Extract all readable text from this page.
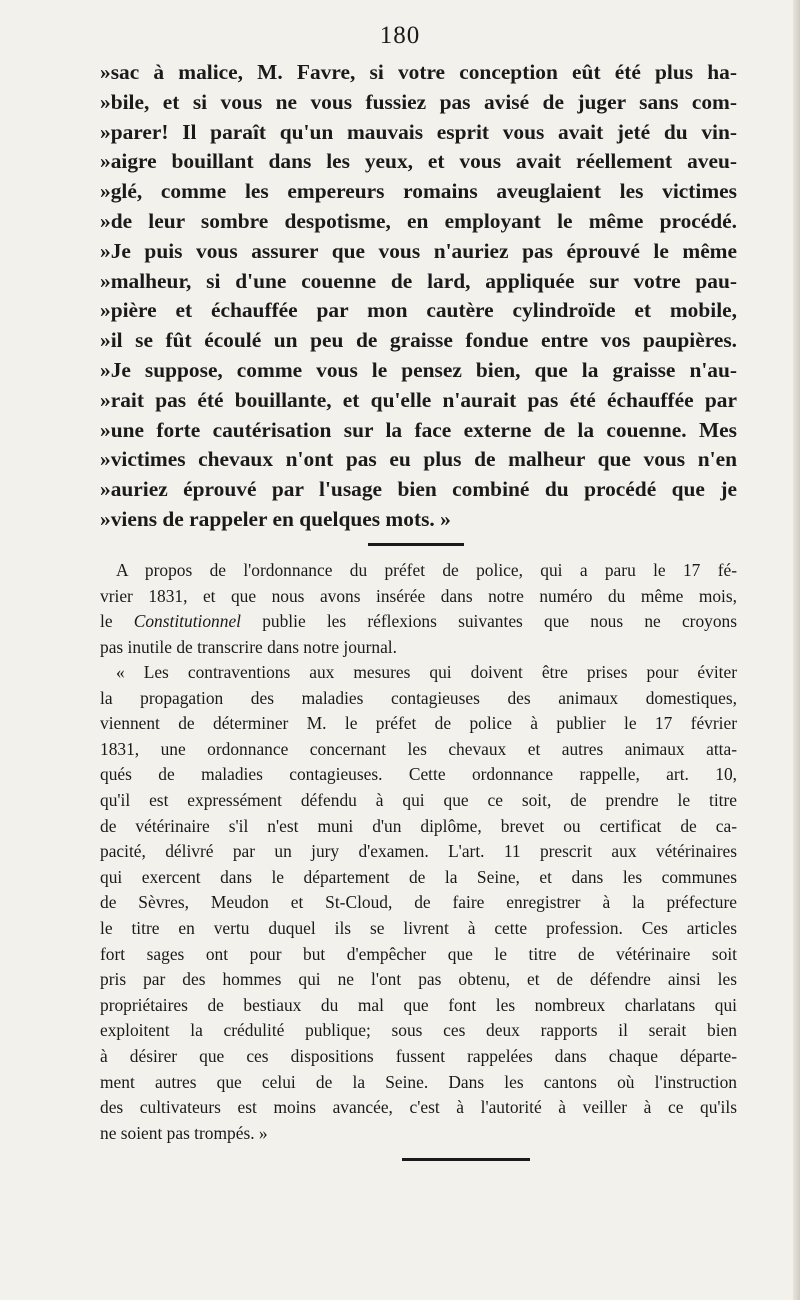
180
»sac à malice, M. Favre, si votre conception eût été plus ha-
»bile, et si vous ne vous fussiez pas avisé de juger sans com-
»parer! Il paraît qu'un mauvais esprit vous avait jeté du vin-
»aigre bouillant dans les yeux, et vous avait réellement aveu-
»glé, comme les empereurs romains aveuglaient les victimes
»de leur sombre despotisme, en employant le même procédé.
»Je puis vous assurer que vous n'auriez pas éprouvé le même
»malheur, si d'une couenne de lard, appliquée sur votre pau-
»pière et échauffée par mon cautère cylindroïde et mobile,
»il se fût écoulé un peu de graisse fondue entre vos paupières.
»Je suppose, comme vous le pensez bien, que la graisse n'au-
»rait pas été bouillante, et qu'elle n'aurait pas été échauffée par
»une forte cautérisation sur la face externe de la couenne. Mes
»victimes chevaux n'ont pas eu plus de malheur que vous n'en
»auriez éprouvé par l'usage bien combiné du procédé que je
»viens de rappeler en quelques mots. »
A propos de l'ordonnance du préfet de police, qui a paru le 17 fé-
vrier 1831, et que nous avons insérée dans notre numéro du même mois,
le Constitutionnel publie les réflexions suivantes que nous ne croyons
pas inutile de transcrire dans notre journal.
« Les contraventions aux mesures qui doivent être prises pour éviter
la propagation des maladies contagieuses des animaux domestiques,
viennent de déterminer M. le préfet de police à publier le 17 février
1831, une ordonnance concernant les chevaux et autres animaux atta-
qués de maladies contagieuses. Cette ordonnance rappelle, art. 10,
qu'il est expressément défendu à qui que ce soit, de prendre le titre
de vétérinaire s'il n'est muni d'un diplôme, brevet ou certificat de ca-
pacité, délivré par un jury d'examen. L'art. 11 prescrit aux vétérinaires
qui exercent dans le département de la Seine, et dans les communes
de Sèvres, Meudon et St-Cloud, de faire enregistrer à la préfecture
le titre en vertu duquel ils se livrent à cette profession. Ces articles
fort sages ont pour but d'empêcher que le titre de vétérinaire soit
pris par des hommes qui ne l'ont pas obtenu, et de défendre ainsi les
propriétaires de bestiaux du mal que font les nombreux charlatans qui
exploitent la crédulité publique; sous ces deux rapports il serait bien
à désirer que ces dispositions fussent rappelées dans chaque départe-
ment autres que celui de la Seine. Dans les cantons où l'instruction
des cultivateurs est moins avancée, c'est à l'autorité à veiller à ce qu'ils
ne soient pas trompés. »
